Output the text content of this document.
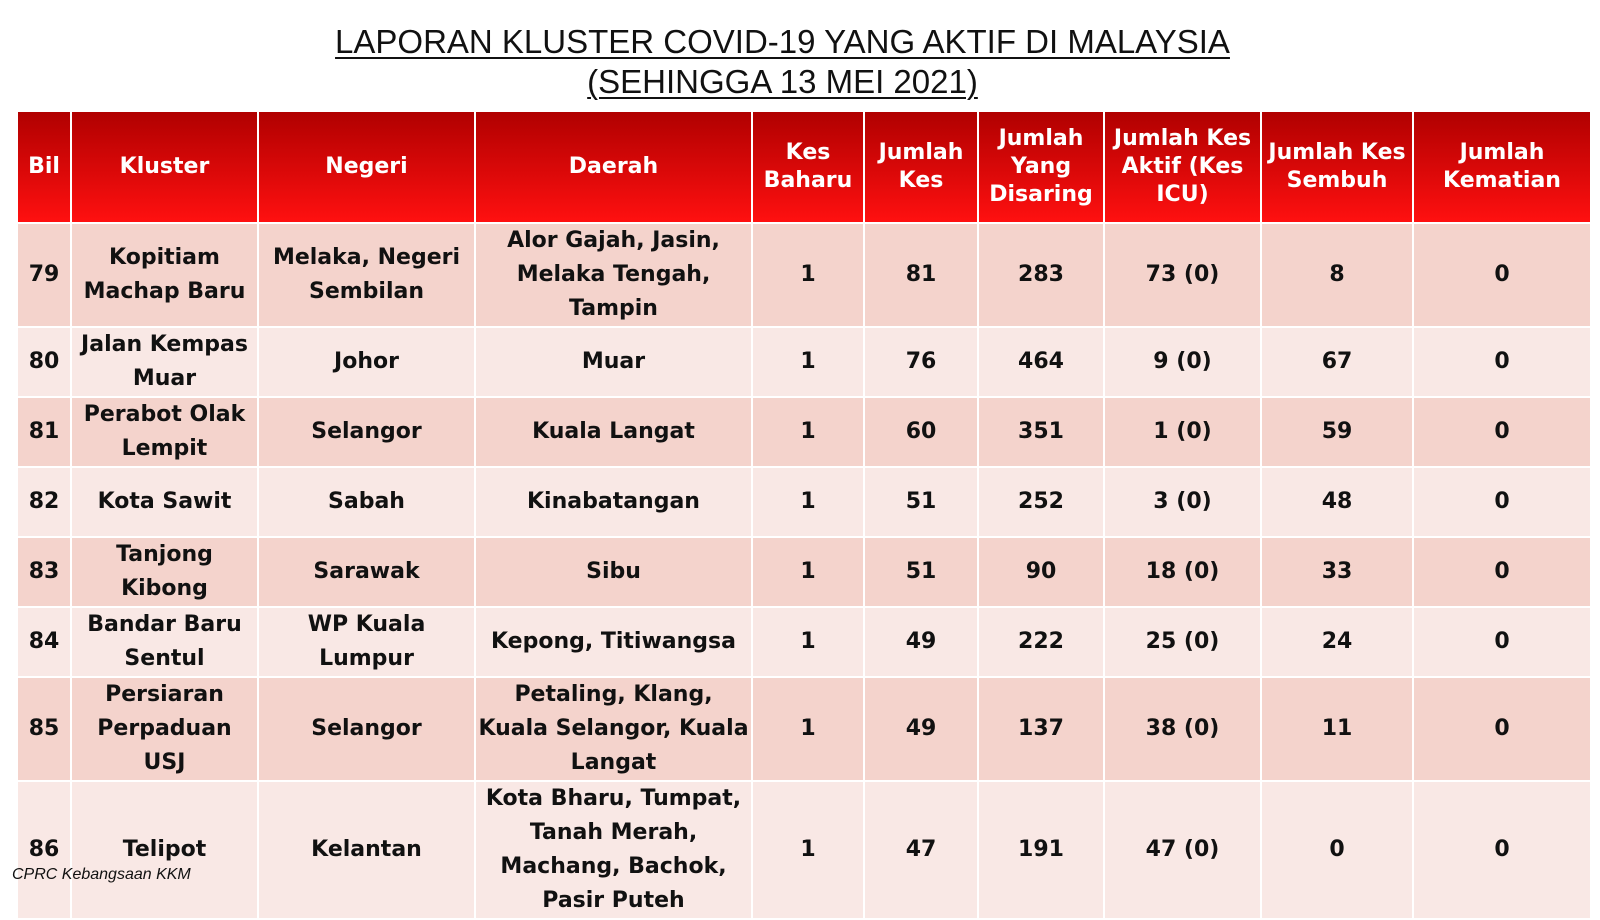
LAPORAN KLUSTER COVID-19 YANG AKTIF DI MALAYSIA
(SEHINGGA 13 MEI 2021)
Bil	Kluster	Negeri	Daerah	Kes Baharu	Jumlah Kes	Jumlah Yang Disaring	Jumlah Kes Aktif (Kes ICU)	Jumlah Kes Sembuh	Jumlah Kematian
79	Kopitiam Machap Baru	Melaka, Negeri Sembilan	Alor Gajah, Jasin, Melaka Tengah, Tampin	1	81	283	73 (0)	8	0
80	Jalan Kempas Muar	Johor	Muar	1	76	464	9 (0)	67	0
81	Perabot Olak Lempit	Selangor	Kuala Langat	1	60	351	1 (0)	59	0
82	Kota Sawit	Sabah	Kinabatangan	1	51	252	3 (0)	48	0
83	Tanjong Kibong	Sarawak	Sibu	1	51	90	18 (0)	33	0
84	Bandar Baru Sentul	WP Kuala Lumpur	Kepong, Titiwangsa	1	49	222	25 (0)	24	0
85	Persiaran Perpaduan USJ	Selangor	Petaling, Klang, Kuala Selangor, Kuala Langat	1	49	137	38 (0)	11	0
86	Telipot	Kelantan	Kota Bharu, Tumpat, Tanah Merah, Machang, Bachok, Pasir Puteh	1	47	191	47 (0)	0	0
CPRC Kebangsaan KKM
